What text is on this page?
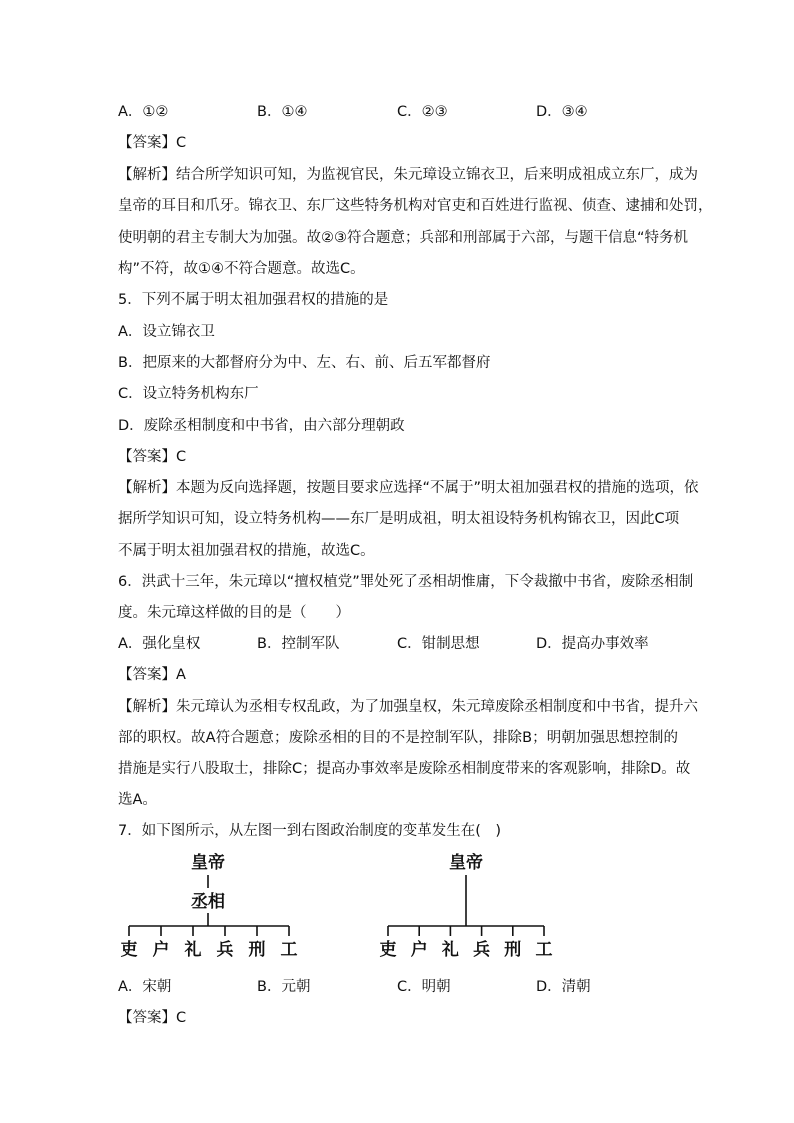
A．①②	B．①④	C．②③	D．③④
【答案】C
【解析】结合所学知识可知，为监视官民，朱元璋设立锦衣卫，后来明成祖成立东厂，成为
皇帝的耳目和爪牙。锦衣卫、东厂这些特务机构对官吏和百姓进行监视、侦查、逮捕和处罚，
使明朝的君主专制大为加强。故②③符合题意；兵部和刑部属于六部，与题干信息“特务机
构”不符，故①④不符合题意。故选C。
5．下列不属于明太祖加强君权的措施的是
A．设立锦衣卫
B．把原来的大都督府分为中、左、右、前、后五军都督府
C．设立特务机构东厂
D．废除丞相制度和中书省，由六部分理朝政
【答案】C
【解析】本题为反向选择题，按题目要求应选择“不属于”明太祖加强君权的措施的选项，依
据所学知识可知，设立特务机构——东厂是明成祖，明太祖设特务机构锦衣卫，因此C项
不属于明太祖加强君权的措施，故选C。
6．洪武十三年，朱元璋以“擅权植党”罪处死了丞相胡惟庸，下令裁撤中书省，废除丞相制
度。朱元璋这样做的目的是（　　）
A．强化皇权	B．控制军队	C．钳制思想	D．提高办事效率
【答案】A
【解析】朱元璋认为丞相专权乱政，为了加强皇权，朱元璋废除丞相制度和中书省，提升六
部的职权。故A符合题意；废除丞相的目的不是控制军队，排除B；明朝加强思想控制的
措施是实行八股取士，排除C；提高办事效率是废除丞相制度带来的客观影响，排除D。故
选A。
7．如下图所示，从左图一到右图政治制度的变革发生在(　)
皇帝
丞相
吏 户 礼 兵 刑 工
皇帝
吏 户 礼 兵 刑 工
A．宋朝	B．元朝	C．明朝	D．清朝
【答案】C
